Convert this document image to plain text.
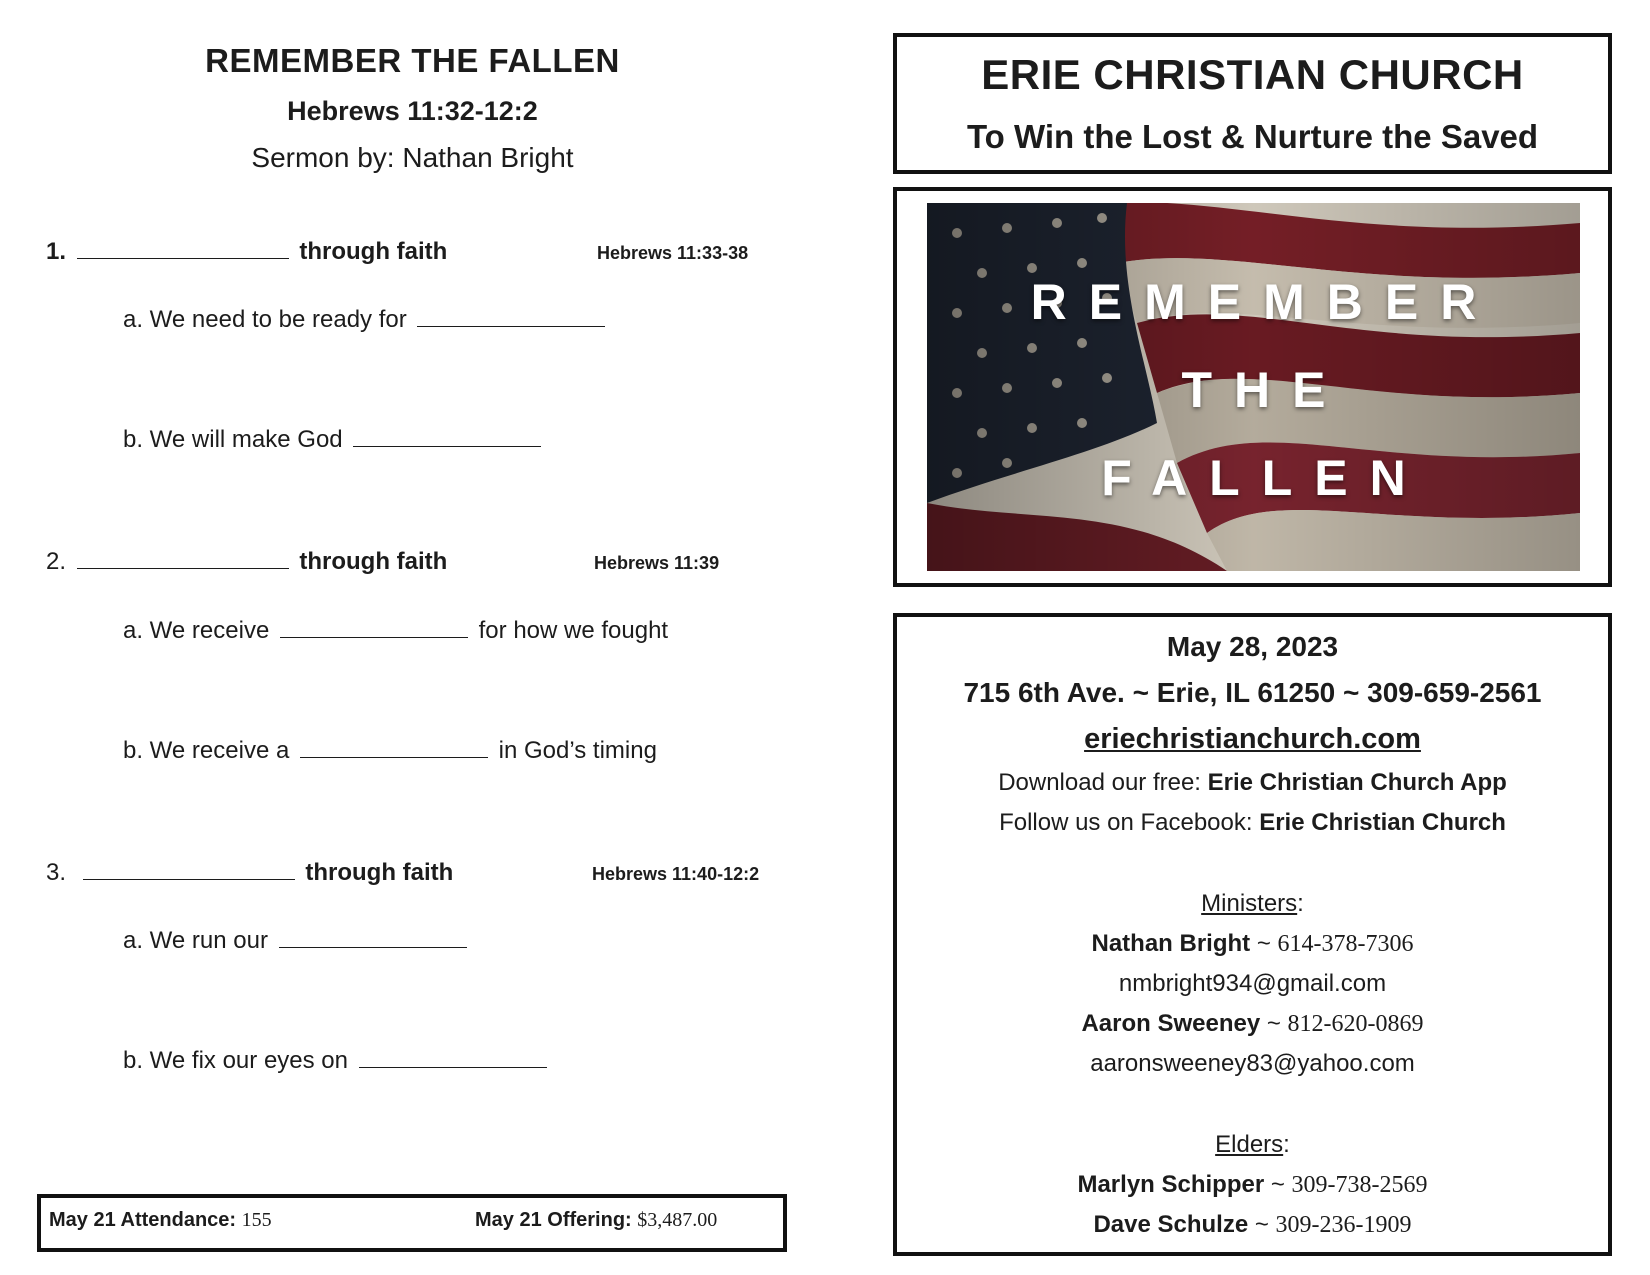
REMEMBER THE FALLEN
Hebrews 11:32-12:2
Sermon by: Nathan Bright
1.	through faith	Hebrews 11:33-38
a. We need to be ready for
b. We will make God
2.	through faith	Hebrews 11:39
a. We receive	for how we fought
b. We receive a	in God’s timing
3.	through faith	Hebrews 11:40-12:2
a. We run our
b. We fix our eyes on
May 21 Attendance: 155	May 21 Offering: $3,487.00
ERIE CHRISTIAN CHURCH
To Win the Lost & Nurture the Saved
REMEMBER
THE
FALLEN
May 28, 2023
715 6th Ave. ~ Erie, IL 61250 ~ 309-659-2561
eriechristianchurch.com
Download our free: Erie Christian Church App
Follow us on Facebook: Erie Christian Church
Ministers:
Nathan Bright ~ 614-378-7306
nmbright934@gmail.com
Aaron Sweeney ~ 812-620-0869
aaronsweeney83@yahoo.com
Elders:
Marlyn Schipper ~ 309-738-2569
Dave Schulze ~ 309-236-1909
